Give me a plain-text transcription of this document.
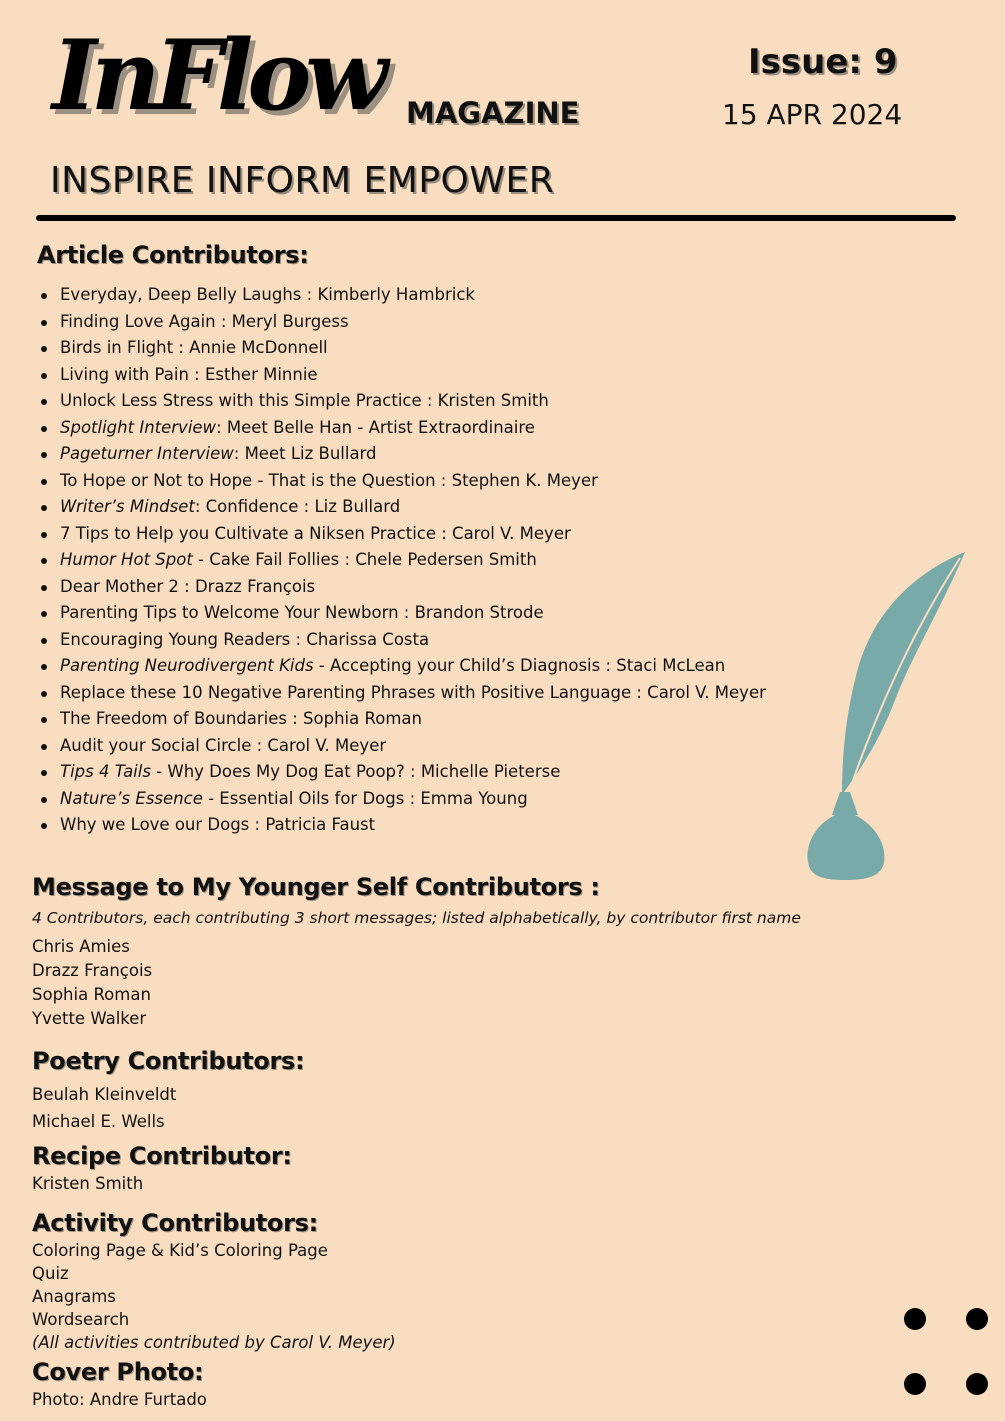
InFlow MAGAZINE
Issue: 9
15 APR 2024
INSPIRE INFORM EMPOWER
Article Contributors:
Everyday, Deep Belly Laughs : Kimberly Hambrick
Finding Love Again : Meryl Burgess
Birds in Flight : Annie McDonnell
Living with Pain : Esther Minnie
Unlock Less Stress with this Simple Practice : Kristen Smith
Spotlight Interview: Meet Belle Han - Artist Extraordinaire
Pageturner Interview: Meet Liz Bullard
To Hope or Not to Hope - That is the Question : Stephen K. Meyer
Writer’s Mindset: Confidence : Liz Bullard
7 Tips to Help you Cultivate a Niksen Practice : Carol V. Meyer
Humor Hot Spot - Cake Fail Follies : Chele Pedersen Smith
Dear Mother 2 : Drazz François
Parenting Tips to Welcome Your Newborn : Brandon Strode
Encouraging Young Readers : Charissa Costa
Parenting Neurodivergent Kids - Accepting your Child’s Diagnosis : Staci McLean
Replace these 10 Negative Parenting Phrases with Positive Language : Carol V. Meyer
The Freedom of Boundaries : Sophia Roman
Audit your Social Circle : Carol V. Meyer
Tips 4 Tails - Why Does My Dog Eat Poop? : Michelle Pieterse
Nature’s Essence - Essential Oils for Dogs : Emma Young
Why we Love our Dogs : Patricia Faust
Message to My Younger Self Contributors :
4 Contributors, each contributing 3 short messages; listed alphabetically, by contributor first name
Chris Amies
Drazz François
Sophia Roman
Yvette Walker
Poetry Contributors:
Beulah Kleinveldt
Michael E. Wells
Recipe Contributor:
Kristen Smith
Activity Contributors:
Coloring Page & Kid’s Coloring Page
Quiz
Anagrams
Wordsearch
(All activities contributed by Carol V. Meyer)
Cover Photo:
Photo: Andre Furtado
